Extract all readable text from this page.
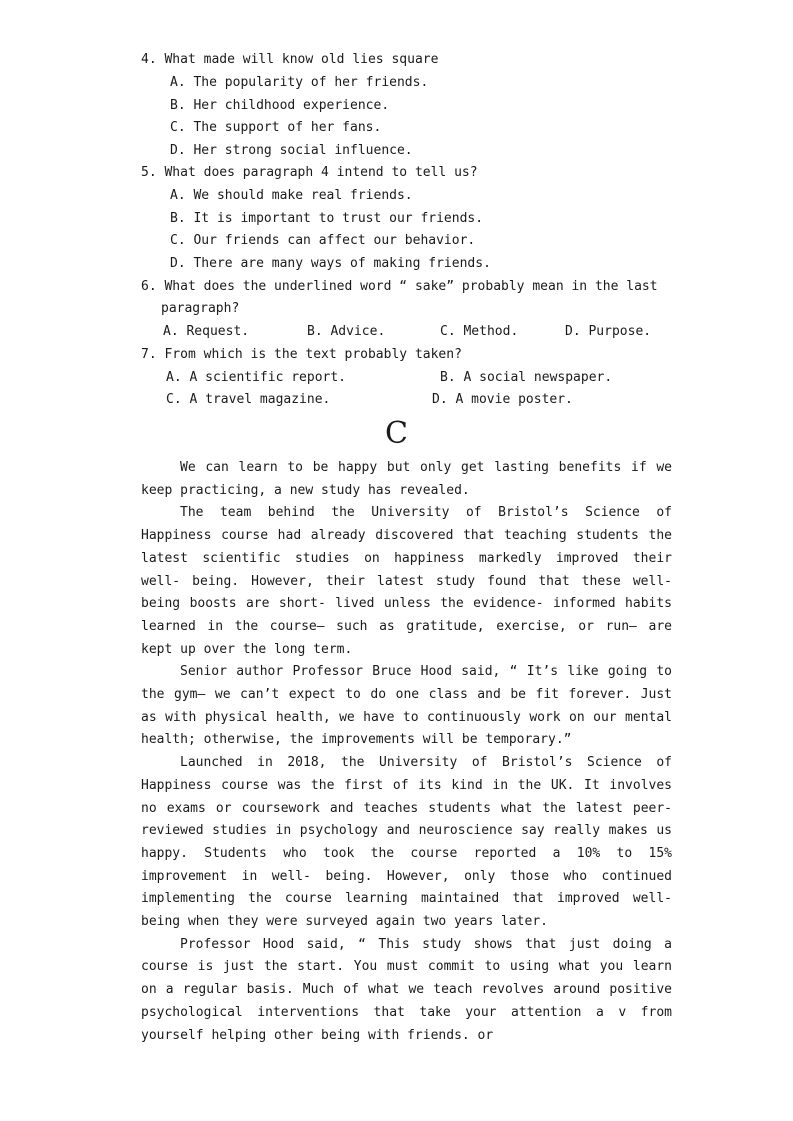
4. What made will know old lies square
A. The popularity of her friends.
B. Her childhood experience.
C. The support of her fans.
D. Her strong social influence.
5. What does paragraph 4 intend to tell us?
A. We should make real friends.
B. It is important to trust our friends.
C. Our friends can affect our behavior.
D. There are many ways of making friends.
6. What does the underlined word “ sake” probably mean in the last
paragraph?
A. Request.	B. Advice.	C. Method.	D. Purpose.
7. From which is the text probably taken?
A. A scientific report.	B. A social newspaper.
C. A travel magazine.	D. A movie poster.
C

We can learn to be happy but only get lasting benefits if we keep practicing, a new study has revealed.

The team behind the University of Bristol’s Science of Happiness course had already discovered that teaching students the latest scientific studies on happiness markedly improved their well- being. However, their latest study found that these well- being boosts are short- lived unless the evidence- informed habits learned in the course— such as gratitude, exercise, or run— are kept up over the long term.

Senior author Professor Bruce Hood said, “ It’s like going to the gym— we can’t expect to do one class and be fit forever. Just as with physical health, we have to continuously work on our mental health; otherwise, the improvements will be temporary.”

Launched in 2018, the University of Bristol’s Science of Happiness course was the first of its kind in the UK. It involves no exams or coursework and teaches students what the latest peer- reviewed studies in psychology and neuroscience say really makes us happy. Students who took the course reported a 10% to 15% improvement in well- being. However, only those who continued implementing the course learning maintained that improved well- being when they were surveyed again two years later.

Professor Hood said, “ This study shows that just doing a course is just the start. You must commit to using what you learn on a regular basis. Much of what we teach revolves around positive psychological interventions that take your attention a v from yourself helping other being with friends. or
